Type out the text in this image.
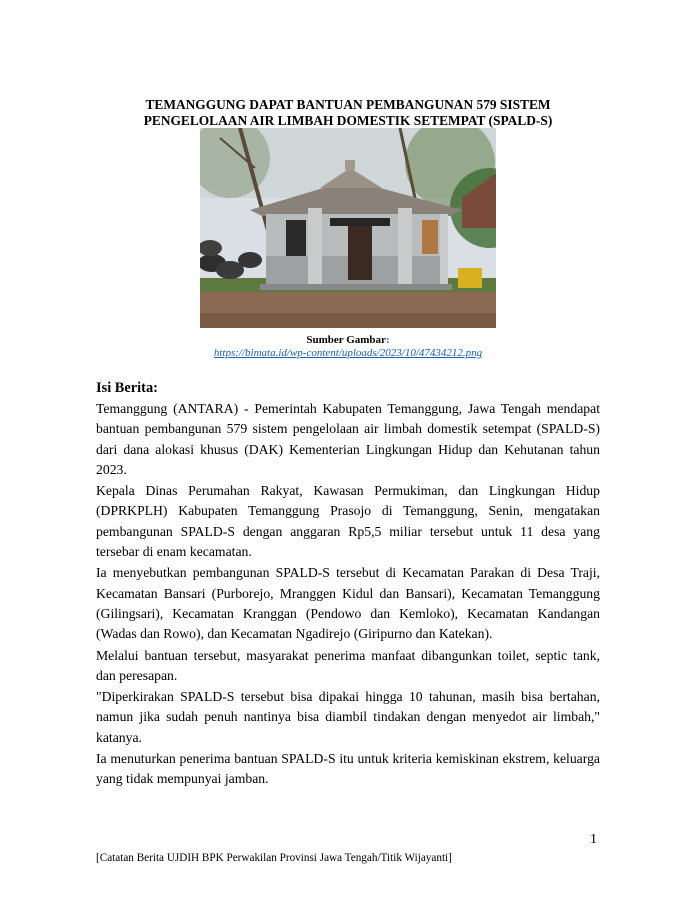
TEMANGGUNG DAPAT BANTUAN PEMBANGUNAN 579 SISTEM
PENGELOLAAN AIR LIMBAH DOMESTIK SETEMPAT (SPALD-S)
Sumber Gambar:
https://bimata.id/wp-content/uploads/2023/10/47434212.png
Isi Berita:

Temanggung (ANTARA) - Pemerintah Kabupaten Temanggung, Jawa Tengah mendapat bantuan pembangunan 579 sistem pengelolaan air limbah domestik setempat (SPALD-S) dari dana alokasi khusus (DAK) Kementerian Lingkungan Hidup dan Kehutanan tahun 2023.

Kepala Dinas Perumahan Rakyat, Kawasan Permukiman, dan Lingkungan Hidup (DPRKPLH) Kabupaten Temanggung Prasojo di Temanggung, Senin, mengatakan pembangunan SPALD-S dengan anggaran Rp5,5 miliar tersebut untuk 11 desa yang tersebar di enam kecamatan.

Ia menyebutkan pembangunan SPALD-S tersebut di Kecamatan Parakan di Desa Traji, Kecamatan Bansari (Purborejo, Mranggen Kidul dan Bansari), Kecamatan Temanggung (Gilingsari), Kecamatan Kranggan (Pendowo dan Kemloko), Kecamatan Kandangan (Wadas dan Rowo), dan Kecamatan Ngadirejo (Giripurno dan Katekan).

Melalui bantuan tersebut, masyarakat penerima manfaat dibangunkan toilet, septic tank, dan peresapan.

"Diperkirakan SPALD-S tersebut bisa dipakai hingga 10 tahunan, masih bisa bertahan, namun jika sudah penuh nantinya bisa diambil tindakan dengan menyedot air limbah," katanya.

Ia menuturkan penerima bantuan SPALD-S itu untuk kriteria kemiskinan ekstrem, keluarga yang tidak mempunyai jamban.

1
[Catatan Berita UJDIH BPK Perwakilan Provinsi Jawa Tengah/Titik Wijayanti]
